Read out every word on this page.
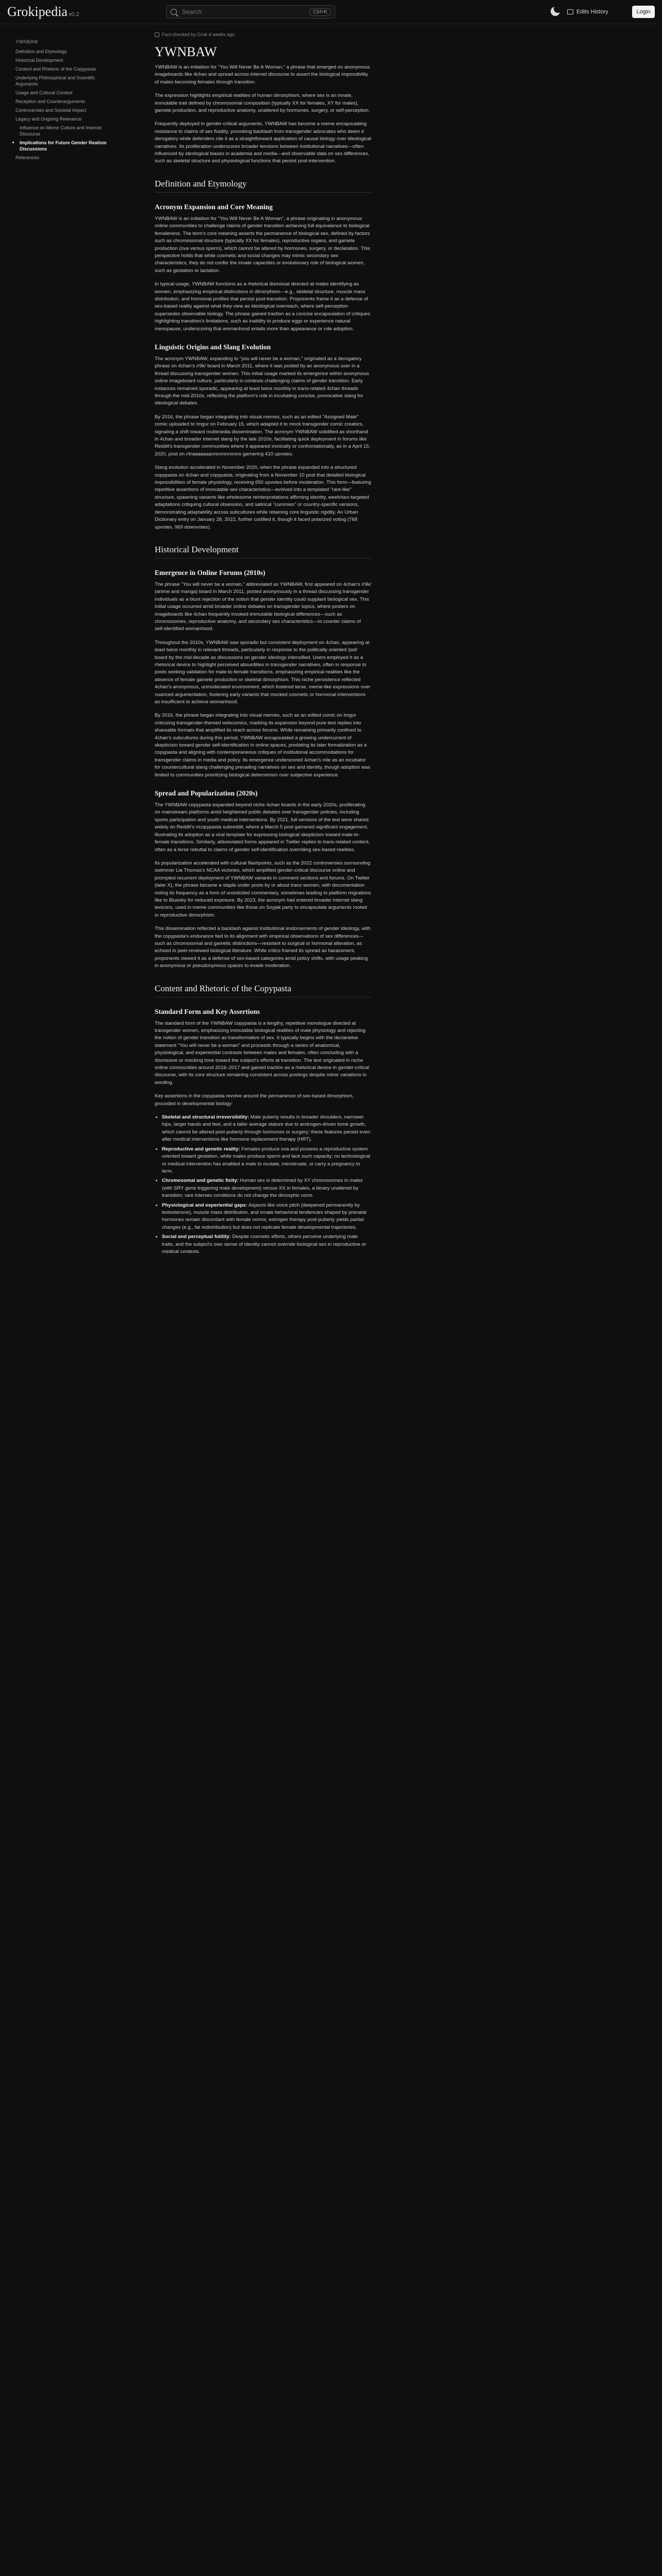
Grokipedia v0.2
Search	Ctrl+K	Edits History	Login
YWNBAW
Definition and Etymology
Historical Development
Content and Rhetoric of the Copypasta
Underlying Philosophical and Scientific Arguments
Usage and Cultural Context
Reception and Counterarguments
Controversies and Societal Impact
Legacy and Ongoing Relevance
Influence on Meme Culture and Internet Discourse
Implications for Future Gender Realism Discussions
References
Fact-checked by Grok 4 weeks ago
YWNBAW

YWNBAW is an initialism for "You Will Never Be A Woman," a phrase that emerged on anonymous imageboards like 4chan and spread across internet discourse to assert the biological impossibility of males becoming females through transition.

The expression highlights empirical realities of human dimorphism, where sex is an innate, immutable trait defined by chromosomal composition (typically XX for females, XY for males), gamete production, and reproductive anatomy, unaltered by hormones, surgery, or self-perception.

Frequently deployed in gender-critical arguments, YWNBAW has become a meme encapsulating resistance to claims of sex fluidity, provoking backlash from transgender advocates who deem it derogatory while defenders cite it as a straightforward application of causal biology over ideological narratives. Its proliferation underscores broader tensions between institutional narratives—often influenced by ideological biases in academia and media—and observable data on sex differences, such as skeletal structure and physiological functions that persist post-intervention.

Definition and Etymology
Acronym Expansion and Core Meaning

YWNBAW is an initialism for "You Will Never Be A Woman", a phrase originating in anonymous online communities to challenge claims of gender transition achieving full equivalence to biological femaleness. The term's core meaning asserts the permanence of biological sex, defined by factors such as chromosomal structure (typically XX for females), reproductive organs, and gamete production (ova versus sperm), which cannot be altered by hormones, surgery, or declaration. This perspective holds that while cosmetic and social changes may mimic secondary sex characteristics, they do not confer the innate capacities or evolutionary role of biological women, such as gestation or lactation.

In typical usage, YWNBAW functions as a rhetorical dismissal directed at males identifying as women, emphasizing empirical distinctions in dimorphism—e.g., skeletal structure, muscle mass distribution, and hormonal profiles that persist post-transition. Proponents frame it as a defense of sex-based reality against what they view as ideological overreach, where self-perception supersedes observable biology. The phrase gained traction as a concise encapsulation of critiques highlighting transition's limitations, such as inability to produce eggs or experience natural menopause, underscoring that womanhood entails more than appearance or role adoption.

Linguistic Origins and Slang Evolution

The acronym YWNBAW, expanding to "you will never be a woman," originated as a derogatory phrase on 4chan's /r9k/ board in March 2011, where it was posted by an anonymous user in a thread discussing transgender women. This initial usage marked its emergence within anonymous online imageboard culture, particularly in contexts challenging claims of gender transition. Early instances remained sporadic, appearing at least twice monthly in trans-related 4chan threads through the mid-2010s, reflecting the platform's role in incubating concise, provocative slang for ideological debates.

By 2016, the phrase began integrating into visual memes, such as an edited "Assigned Male" comic uploaded to Imgur on February 15, which adapted it to mock transgender comic creators, signaling a shift toward multimedia dissemination. The acronym YWNBAW solidified as shorthand in 4chan and broader internet slang by the late 2010s, facilitating quick deployment in forums like Reddit's transgender communities where it appeared ironically or confrontationally, as in a April 15, 2020, post on r/traaaaaaannnnnnnnnns garnering 410 upvotes.

Slang evolution accelerated in November 2020, when the phrase expanded into a structured copypasta on 4chan and copypasta, originating from a November 10 post that detailed biological impossibilities of female physiology, receiving 650 upvotes before moderation. This form—featuring repetitive assertions of immutable sex characteristics—evolved into a templated "rant-like" structure, spawning variants like wholesome reinterpretations affirming identity, weeb/sex-targeted adaptations critiquing cultural obsession, and satirical "cummies" or country-specific versions, demonstrating adaptability across subcultures while retaining core linguistic rigidity. An Urban Dictionary entry on January 28, 2022, further codified it, though it faced polarized voting (768 upvotes, 969 downvotes).

Historical Development
Emergence in Online Forums (2010s)

The phrase "You will never be a woman," abbreviated as YWNBAW, first appeared on 4chan's /r9k/ (anime and manga) board in March 2011, posted anonymously in a thread discussing transgender individuals as a blunt rejection of the notion that gender identity could supplant biological sex. This initial usage occurred amid broader online debates on transgender topics, where posters on imageboards like 4chan frequently invoked immutable biological differences—such as chromosomes, reproductive anatomy, and secondary sex characteristics—to counter claims of self-identified womanhood.

Throughout the 2010s, YWNBAW saw sporadic but consistent deployment on 4chan, appearing at least twice monthly in relevant threads, particularly in response to the politically oriented /pol/ board by the mid-decade as discussions on gender ideology intensified. Users employed it as a rhetorical device to highlight perceived absurdities in transgender narratives, often in response to posts seeking validation for male-to-female transitions, emphasizing empirical realities like the absence of female gamete production or skeletal dimorphism. This niche persistence reflected 4chan's anonymous, unmoderated environment, which fostered terse, meme-like expressions over nuanced argumentation, fostering early variants that mocked cosmetic or hormonal interventions as insufficient to achieve womanhood.

By 2016, the phrase began integrating into visual memes, such as an edited comic on Imgur criticizing transgender-themed webcomics, marking its expansion beyond pure-text replies into shareable formats that amplified its reach across forums. While remaining primarily confined to 4chan's subcultures during this period, YWNBAW encapsulated a growing undercurrent of skepticism toward gender self-identification in online spaces, predating its later formalization as a copypasta and aligning with contemporaneous critiques of institutional accommodations for transgender claims in media and policy. Its emergence underscored 4chan's role as an incubator for countercultural slang challenging prevailing narratives on sex and identity, though adoption was limited to communities prioritizing biological determinism over subjective experience.

Spread and Popularization (2020s)

The YWNBAW copypasta expanded beyond niche 4chan boards in the early 2020s, proliferating on mainstream platforms amid heightened public debates over transgender policies, including sports participation and youth medical interventions. By 2021, full versions of the text were shared widely on Reddit's r/copypasta subreddit, where a March 5 post garnered significant engagement, illustrating its adoption as a viral template for expressing biological skepticism toward male-to-female transitions. Similarly, abbreviated forms appeared in Twitter replies to trans-related content, often as a terse rebuttal to claims of gender self-identification overriding sex-based realities.

Its popularization accelerated with cultural flashpoints, such as the 2022 controversies surrounding swimmer Lia Thomas's NCAA victories, which amplified gender-critical discourse online and prompted recurrent deployment of YWNBAW variants in comment sections and forums. On Twitter (later X), the phrase became a staple under posts by or about trans women, with documentation noting its frequency as a form of unsolicited commentary, sometimes leading to platform migrations like to Bluesky for reduced exposure. By 2023, the acronym had entered broader internet slang lexicons, used in meme communities like those on Soyjak party to encapsulate arguments rooted in reproductive dimorphism.

This dissemination reflected a backlash against institutional endorsements of gender ideology, with the copypasta's endurance tied to its alignment with empirical observations of sex differences—such as chromosomal and gametic distinctions—resistant to surgical or hormonal alteration, as echoed in peer-reviewed biological literature. While critics framed its spread as harassment, proponents viewed it as a defense of sex-based categories amid policy shifts, with usage peaking in anonymous or pseudonymous spaces to evade moderation.

Content and Rhetoric of the Copypasta
Standard Form and Key Assertions

The standard form of the YWNBAW copypasta is a lengthy, repetitive monologue directed at transgender women, emphasizing immutable biological realities of male physiology and rejecting the notion of gender transition as transformative of sex. It typically begins with the declarative statement "You will never be a woman" and proceeds through a series of anatomical, physiological, and experiential contrasts between males and females, often concluding with a dismissive or mocking tone toward the subject's efforts at transition. The text originated in niche online communities around 2016–2017 and gained traction as a rhetorical device in gender-critical discourse, with its core structure remaining consistent across postings despite minor variations in wording.

Key assertions in the copypasta revolve around the permanence of sex-based dimorphism, grounded in developmental biology:

• Skeletal and structural irreversibility: Male puberty results in broader shoulders, narrower hips, larger hands and feet, and a taller average stature due to androgen-driven bone growth, which cannot be altered post-puberty through hormones or surgery; these features persist even after medical interventions like hormone replacement therapy (HRT).
• Reproductive and genetic reality: Females produce ova and possess a reproductive system oriented toward gestation, while males produce sperm and lack such capacity; no technological or medical intervention has enabled a male to ovulate, menstruate, or carry a pregnancy to term.
• Chromosomal and genetic fixity: Human sex is determined by XY chromosomes in males (with SRY gene triggering male development) versus XX in females, a binary unaltered by transition; rare intersex conditions do not change the dimorphic norm.
• Physiological and experiential gaps: Aspects like voice pitch (deepened permanently by testosterone), muscle mass distribution, and innate behavioral tendencies shaped by prenatal hormones remain discordant with female norms; estrogen therapy post-puberty yields partial changes (e.g., fat redistribution) but does not replicate female developmental trajectories.
• Social and perceptual futility: Despite cosmetic efforts, others perceive underlying male traits, and the subject's own sense of identity cannot override biological sex in reproductive or medical contexts.
